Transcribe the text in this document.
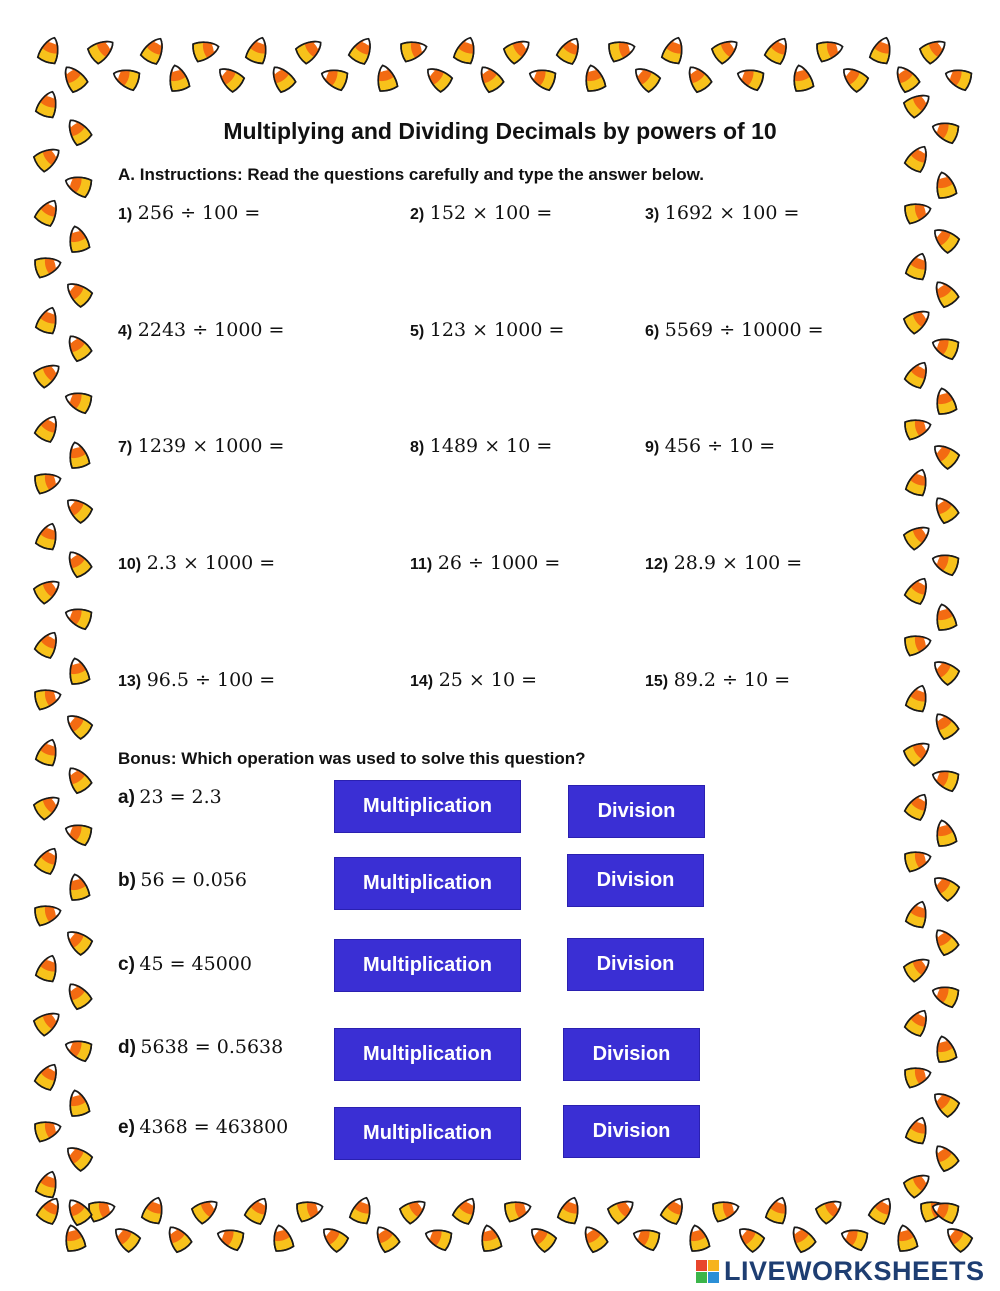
Multiplying and Dividing Decimals by powers of 10
A. Instructions: Read the questions carefully and type the answer below.
1) 256 ÷ 100 =	2) 152 × 100 =	3) 1692 × 100 =
4) 2243 ÷ 1000 =	5) 123 × 1000 =	6) 5569 ÷ 10000 =
7) 1239 × 1000 =	8) 1489 × 10 =	9) 456 ÷ 10 =
10) 2.3 × 1000 =	11) 26 ÷ 1000 =	12) 28.9 × 100 =
13) 96.5 ÷ 100 =	14) 25 × 10 =	15) 89.2 ÷ 10 =
Bonus: Which operation was used to solve this question?
a) 23 = 2.3	Multiplication	Division
b) 56 = 0.056	Multiplication	Division
c) 45 = 45000	Multiplication	Division
d) 5638 = 0.5638	Multiplication	Division
e) 4368 = 463800	Multiplication	Division
LIVEWORKSHEETS
